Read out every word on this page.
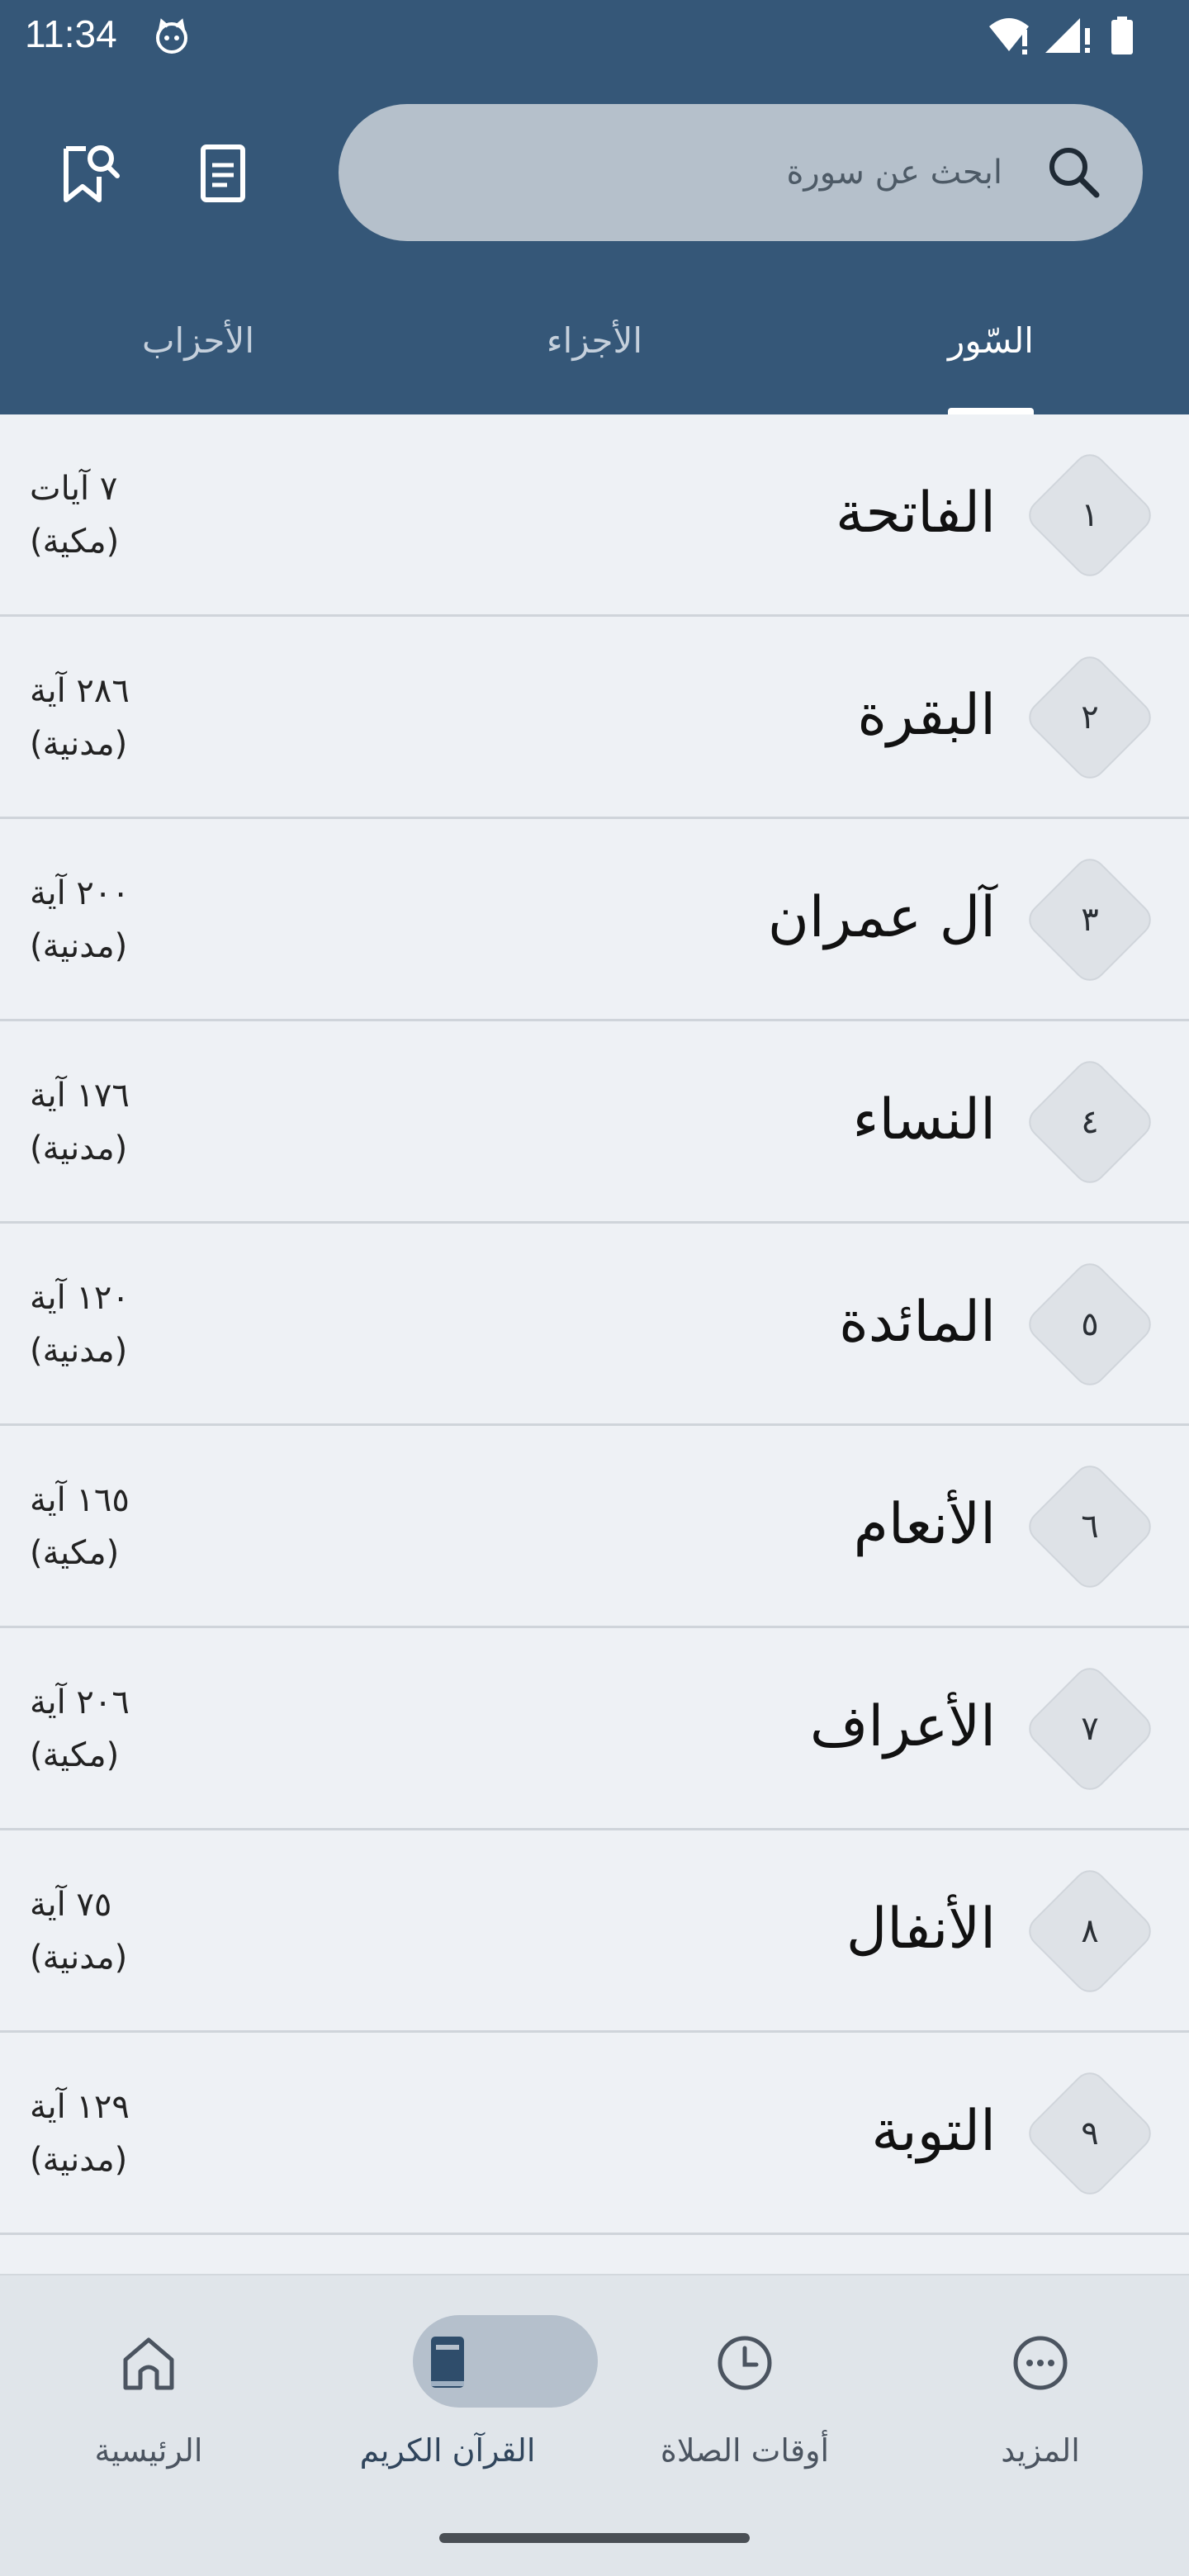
11:34
ابحث عن سورة
السّور
الأجزاء
الأحزاب
١
الفاتحة
٧ آيات
(مكية)
٢
البقرة
٢٨٦ آية
(مدنية)
٣
آل عمران
٢٠٠ آية
(مدنية)
٤
النساء
١٧٦ آية
(مدنية)
٥
المائدة
١٢٠ آية
(مدنية)
٦
الأنعام
١٦٥ آية
(مكية)
٧
الأعراف
٢٠٦ آية
(مكية)
٨
الأنفال
٧٥ آية
(مدنية)
٩
التوبة
١٢٩ آية
(مدنية)
الرئيسية	القرآن الكريم	أوقات الصلاة	المزيد
